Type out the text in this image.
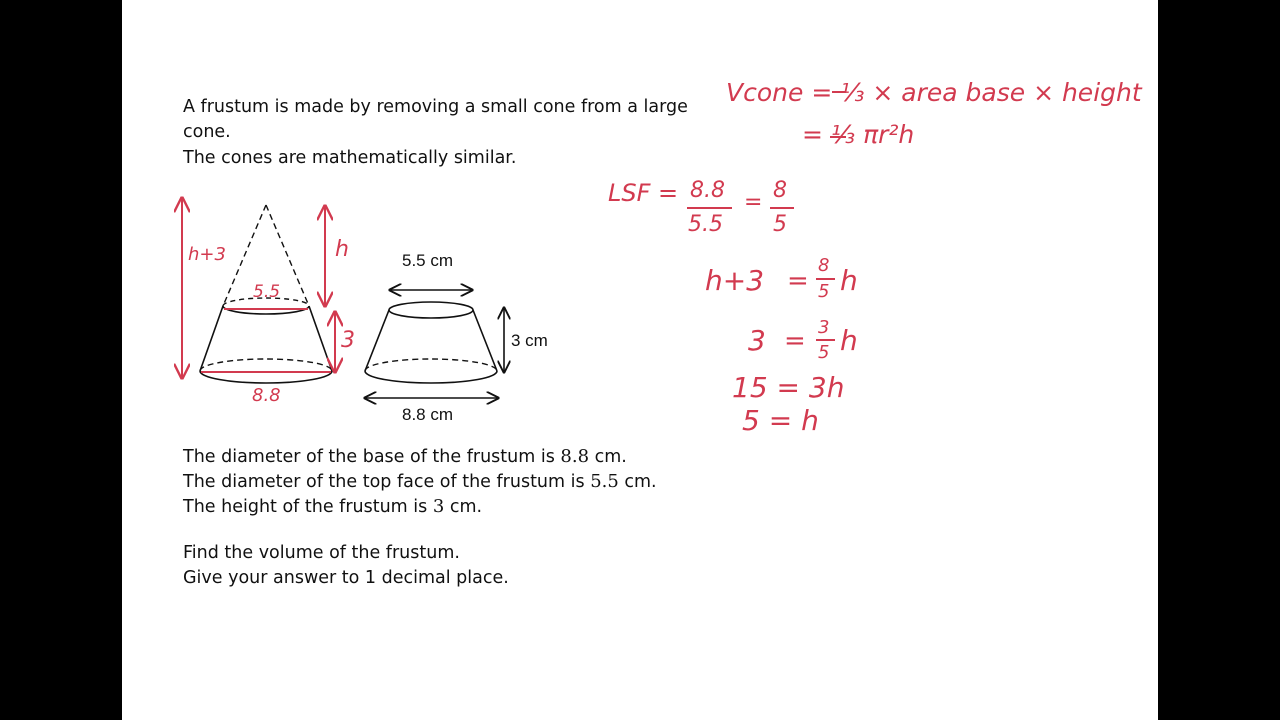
A frustum is made by removing a small cone from a large
cone.
The cones are mathematically similar.
The diameter of the base of the frustum is 8.8 cm.
The diameter of the top face of the frustum is 5.5 cm.
The height of the frustum is 3 cm.
Find the volume of the frustum.
Give your answer to 1 decimal place.
5.5 cm
3 cm
8.8 cm
h+3	h
5.5
3
8.8
Vcone = ⅓ × area base × height
= ⅓ πr²h
LSF = 8.8
5.5
= 8
5
h+3 =
8
5 h
3 = 3
5 h
15 = 3h
5 = h
